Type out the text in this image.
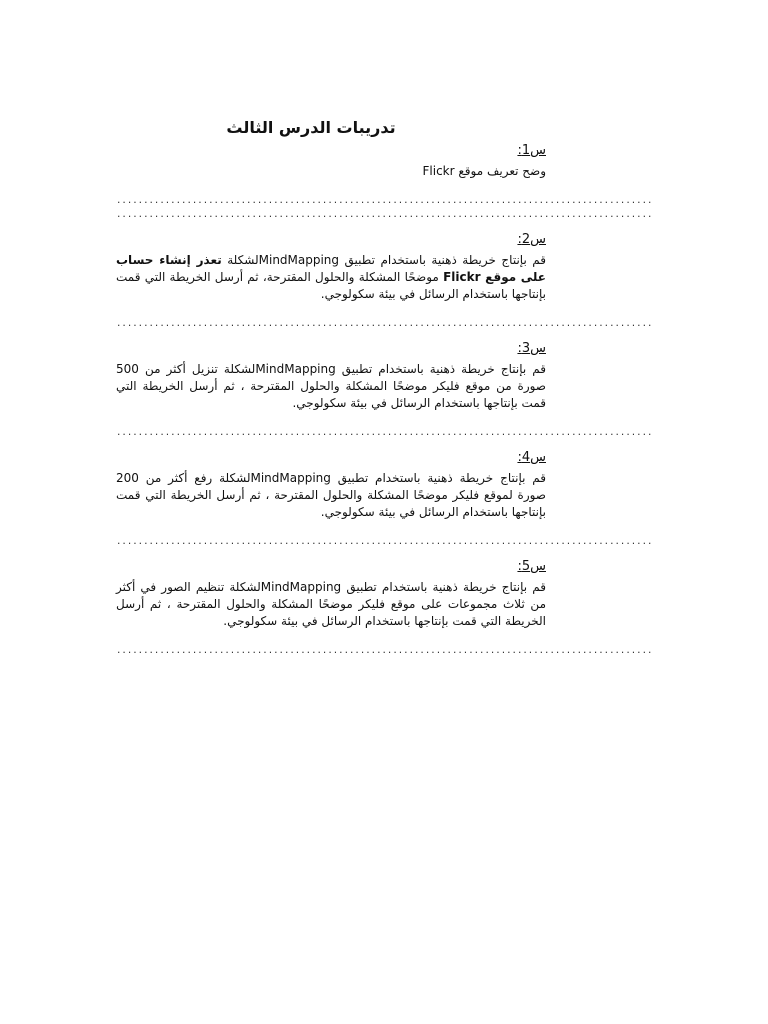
تدريبات الدرس الثالث
س1:
وضح تعريف موقع Flickr
...................................................................................................
...................................................................................................
س2:
قم بإنتاج خريطة ذهنية باستخدام تطبيق MindMappingلشكلة تعذر إنشاء حساب على موقع Flickr موضحًا المشكلة والحلول المقترحة، ثم أرسل الخريطة التي قمت بإنتاجها باستخدام الرسائل في بيئة سكولوجي.
...................................................................................................
س3:
قم بإنتاج خريطة ذهنية باستخدام تطبيق MindMappingلشكلة تنزيل أكثر من 500 صورة من موقع فليكر موضحًا المشكلة والحلول المقترحة ، ثم أرسل الخريطة التي قمت بإنتاجها باستخدام الرسائل في بيئة سكولوجي.
...................................................................................................
س4:
قم بإنتاج خريطة ذهنية باستخدام تطبيق MindMappingلشكلة رفع أكثر من 200 صورة لموقع فليكر موضحًا المشكلة والحلول المقترحة ، ثم أرسل الخريطة التي قمت بإنتاجها باستخدام الرسائل في بيئة سكولوجي.
...................................................................................................
س5:
قم بإنتاج خريطة ذهنية باستخدام تطبيق MindMappingلشكلة تنظيم الصور في أكثر من ثلاث مجموعات على موقع فليكر موضحًا المشكلة والحلول المقترحة ، ثم أرسل الخريطة التي قمت بإنتاجها باستخدام الرسائل في بيئة سكولوجي.
...................................................................................................
